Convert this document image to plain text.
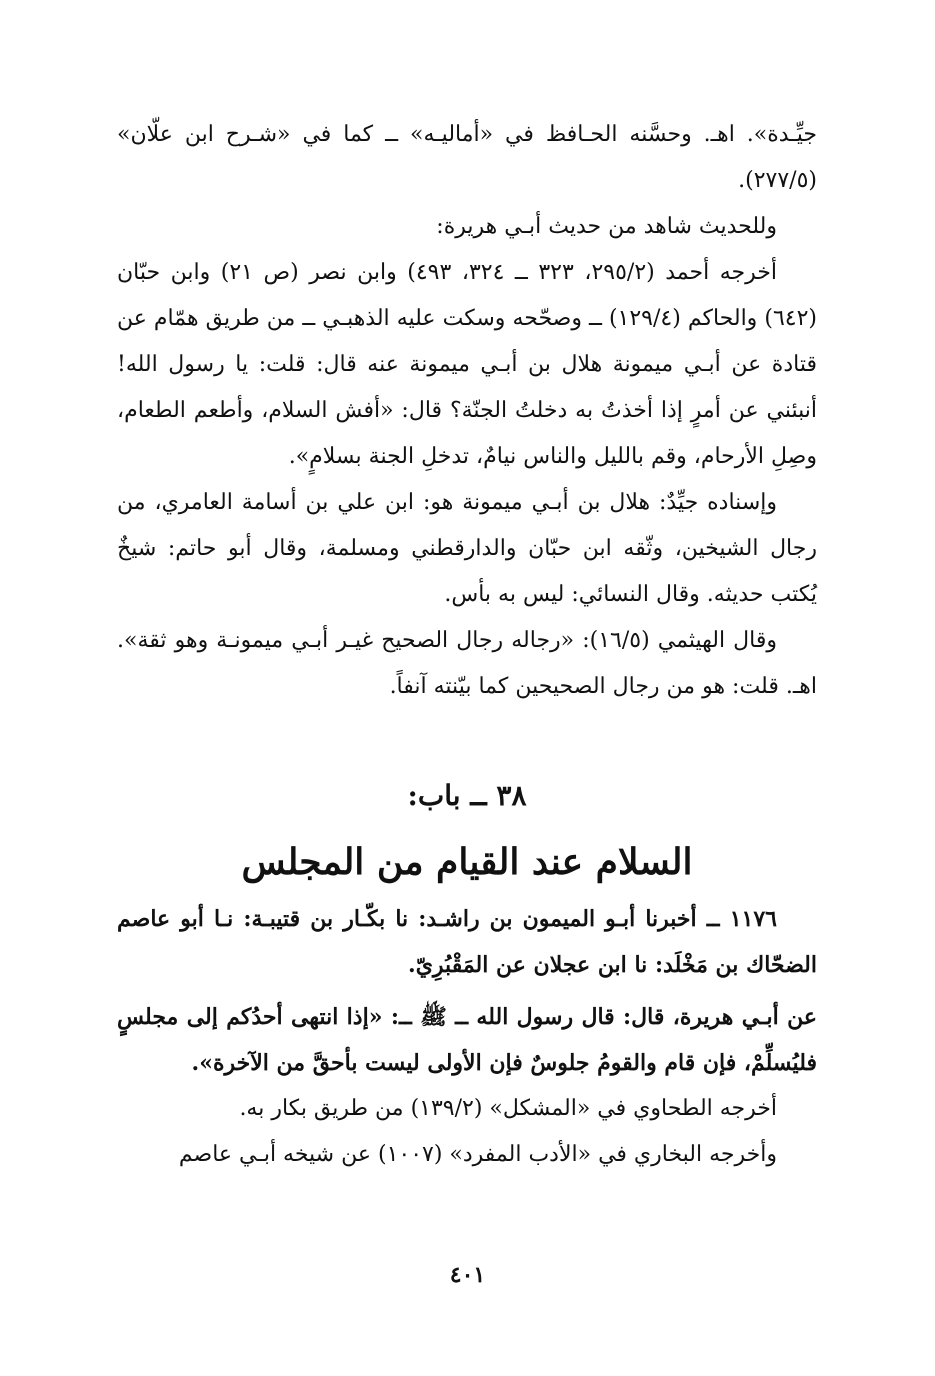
جيِّـدة». اهـ. وحسَّنه الحـافظ في «أماليـه» ــ كما في «شـرح ابن علّان» (٢٧٧/٥).

وللحديث شاهد من حديث أبـي هريرة:

أخرجه أحمد (٢٩٥/٢، ٣٢٣ ــ ٣٢٤، ٤٩٣) وابن نصر (ص ٢١) وابن حبّان (٦٤٢) والحاكم (١٢٩/٤) ــ وصحّحه وسكت عليه الذهبـي ــ من طريق همّام عن قتادة عن أبـي ميمونة هلال بن أبـي ميمونة عنه قال: قلت: يا رسول الله! أنبئني عن أمرٍ إذا أخذتُ به دخلتُ الجنّة؟ قال: «أفش السلام، وأطعم الطعام، وصِلِ الأرحام، وقم بالليل والناس نيامٌ، تدخلِ الجنة بسلامٍ».

وإسناده جيِّدٌ: هلال بن أبـي ميمونة هو: ابن علي بن أسامة العامري، من رجال الشيخين، وثّقه ابن حبّان والدارقطني ومسلمة، وقال أبو حاتم: شيخٌ يُكتب حديثه. وقال النسائي: ليس به بأس.

وقال الهيثمي (١٦/٥): «رجاله رجال الصحيح غيـر أبـي ميمونـة وهو ثقة». اهـ. قلت: هو من رجال الصحيحين كما بيّنته آنفاً.

٣٨ ــ باب:
السلام عند القيام من المجلس

١١٧٦ ــ أخبرنا أبـو الميمون بن راشـد: نا بكّـار بن قتيبـة: نـا أبو عاصم الضحّاك بن مَخْلَد: نا ابن عجلان عن المَقْبُرِيّ.

عن أبـي هريرة، قال: قال رسول الله ــ ﷺ ــ: «إذا انتهى أحدُكم إلى مجلسٍ فليُسلِّمْ، فإن قام والقومُ جلوسٌ فإن الأولى ليست بأحقَّ من الآخرة».

أخرجه الطحاوي في «المشكل» (١٣٩/٢) من طريق بكار به.

وأخرجه البخاري في «الأدب المفرد» (١٠٠٧) عن شيخه أبـي عاصم

٤٠١
